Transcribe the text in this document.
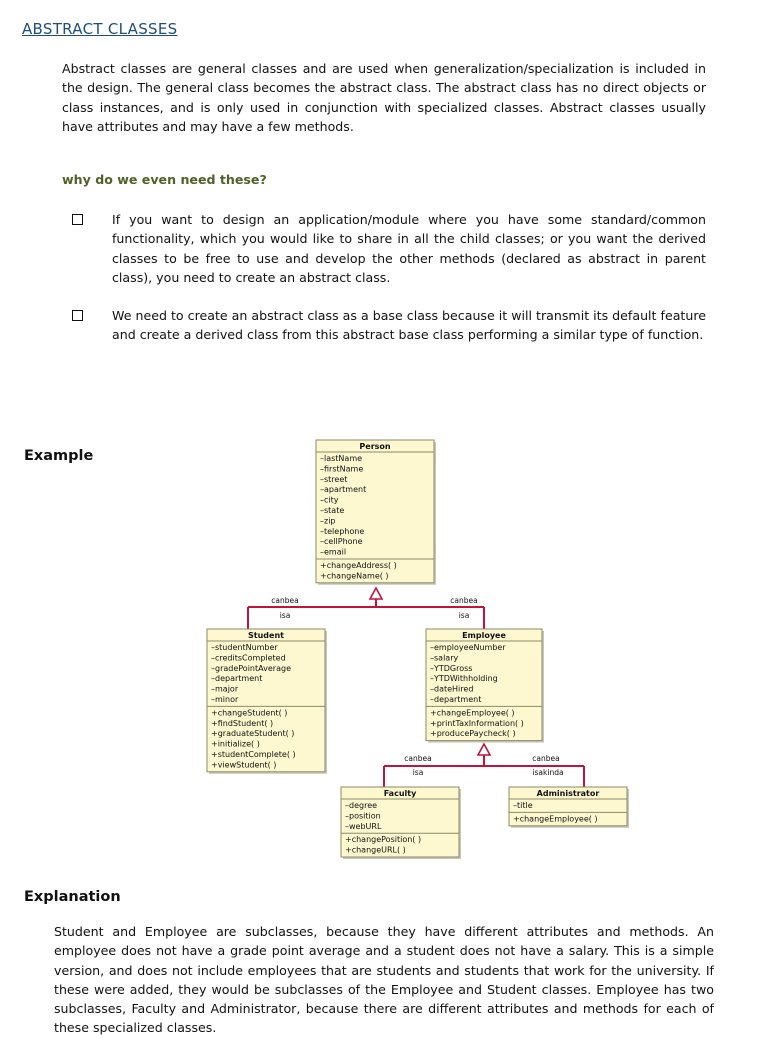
ABSTRACT CLASSES
Abstract classes are general classes and are used when generalization/specialization is included in the design. The general class becomes the abstract class. The abstract class has no direct objects or class instances, and is only used in conjunction with specialized classes. Abstract classes usually have attributes and may have a few methods.
why do we even need these?
If you want to design an application/module where you have some standard/common functionality, which you would like to share in all the child classes; or you want the derived classes to be free to use and develop the other methods (declared as abstract in parent class), you need to create an abstract class.
We need to create an abstract class as a base class because it will transmit its default feature and create a derived class from this abstract base class performing a similar type of function.
Example
canbea
isa
canbea
isa
canbea
isa
canbea
isakinda
Person
–lastName
–firstName
–street
–apartment
–city
–state
–zip
–telephone
–cellPhone
–email
+changeAddress( )
+changeName( )
Student
–studentNumber
–creditsCompleted
–gradePointAverage
–department
–major
–minor
+changeStudent( )
+findStudent( )
+graduateStudent( )
+initialize( )
+studentComplete( )
+viewStudent( )
Employee
–employeeNumber
–salary
–YTDGross
–YTDWithholding
–dateHired
–department
+changeEmployee( )
+printTaxInformation( )
+producePaycheck( )
Faculty
–degree
–position
–webURL
+changePosition( )
+changeURL( )
Administrator
–title
+changeEmployee( )
Explanation
Student and Employee are subclasses, because they have different attributes and methods. An employee does not have a grade point average and a student does not have a salary. This is a simple version, and does not include employees that are students and students that work for the university. If these were added, they would be subclasses of the Employee and Student classes. Employee has two subclasses, Faculty and Administrator, because there are different attributes and methods for each of these specialized classes.
